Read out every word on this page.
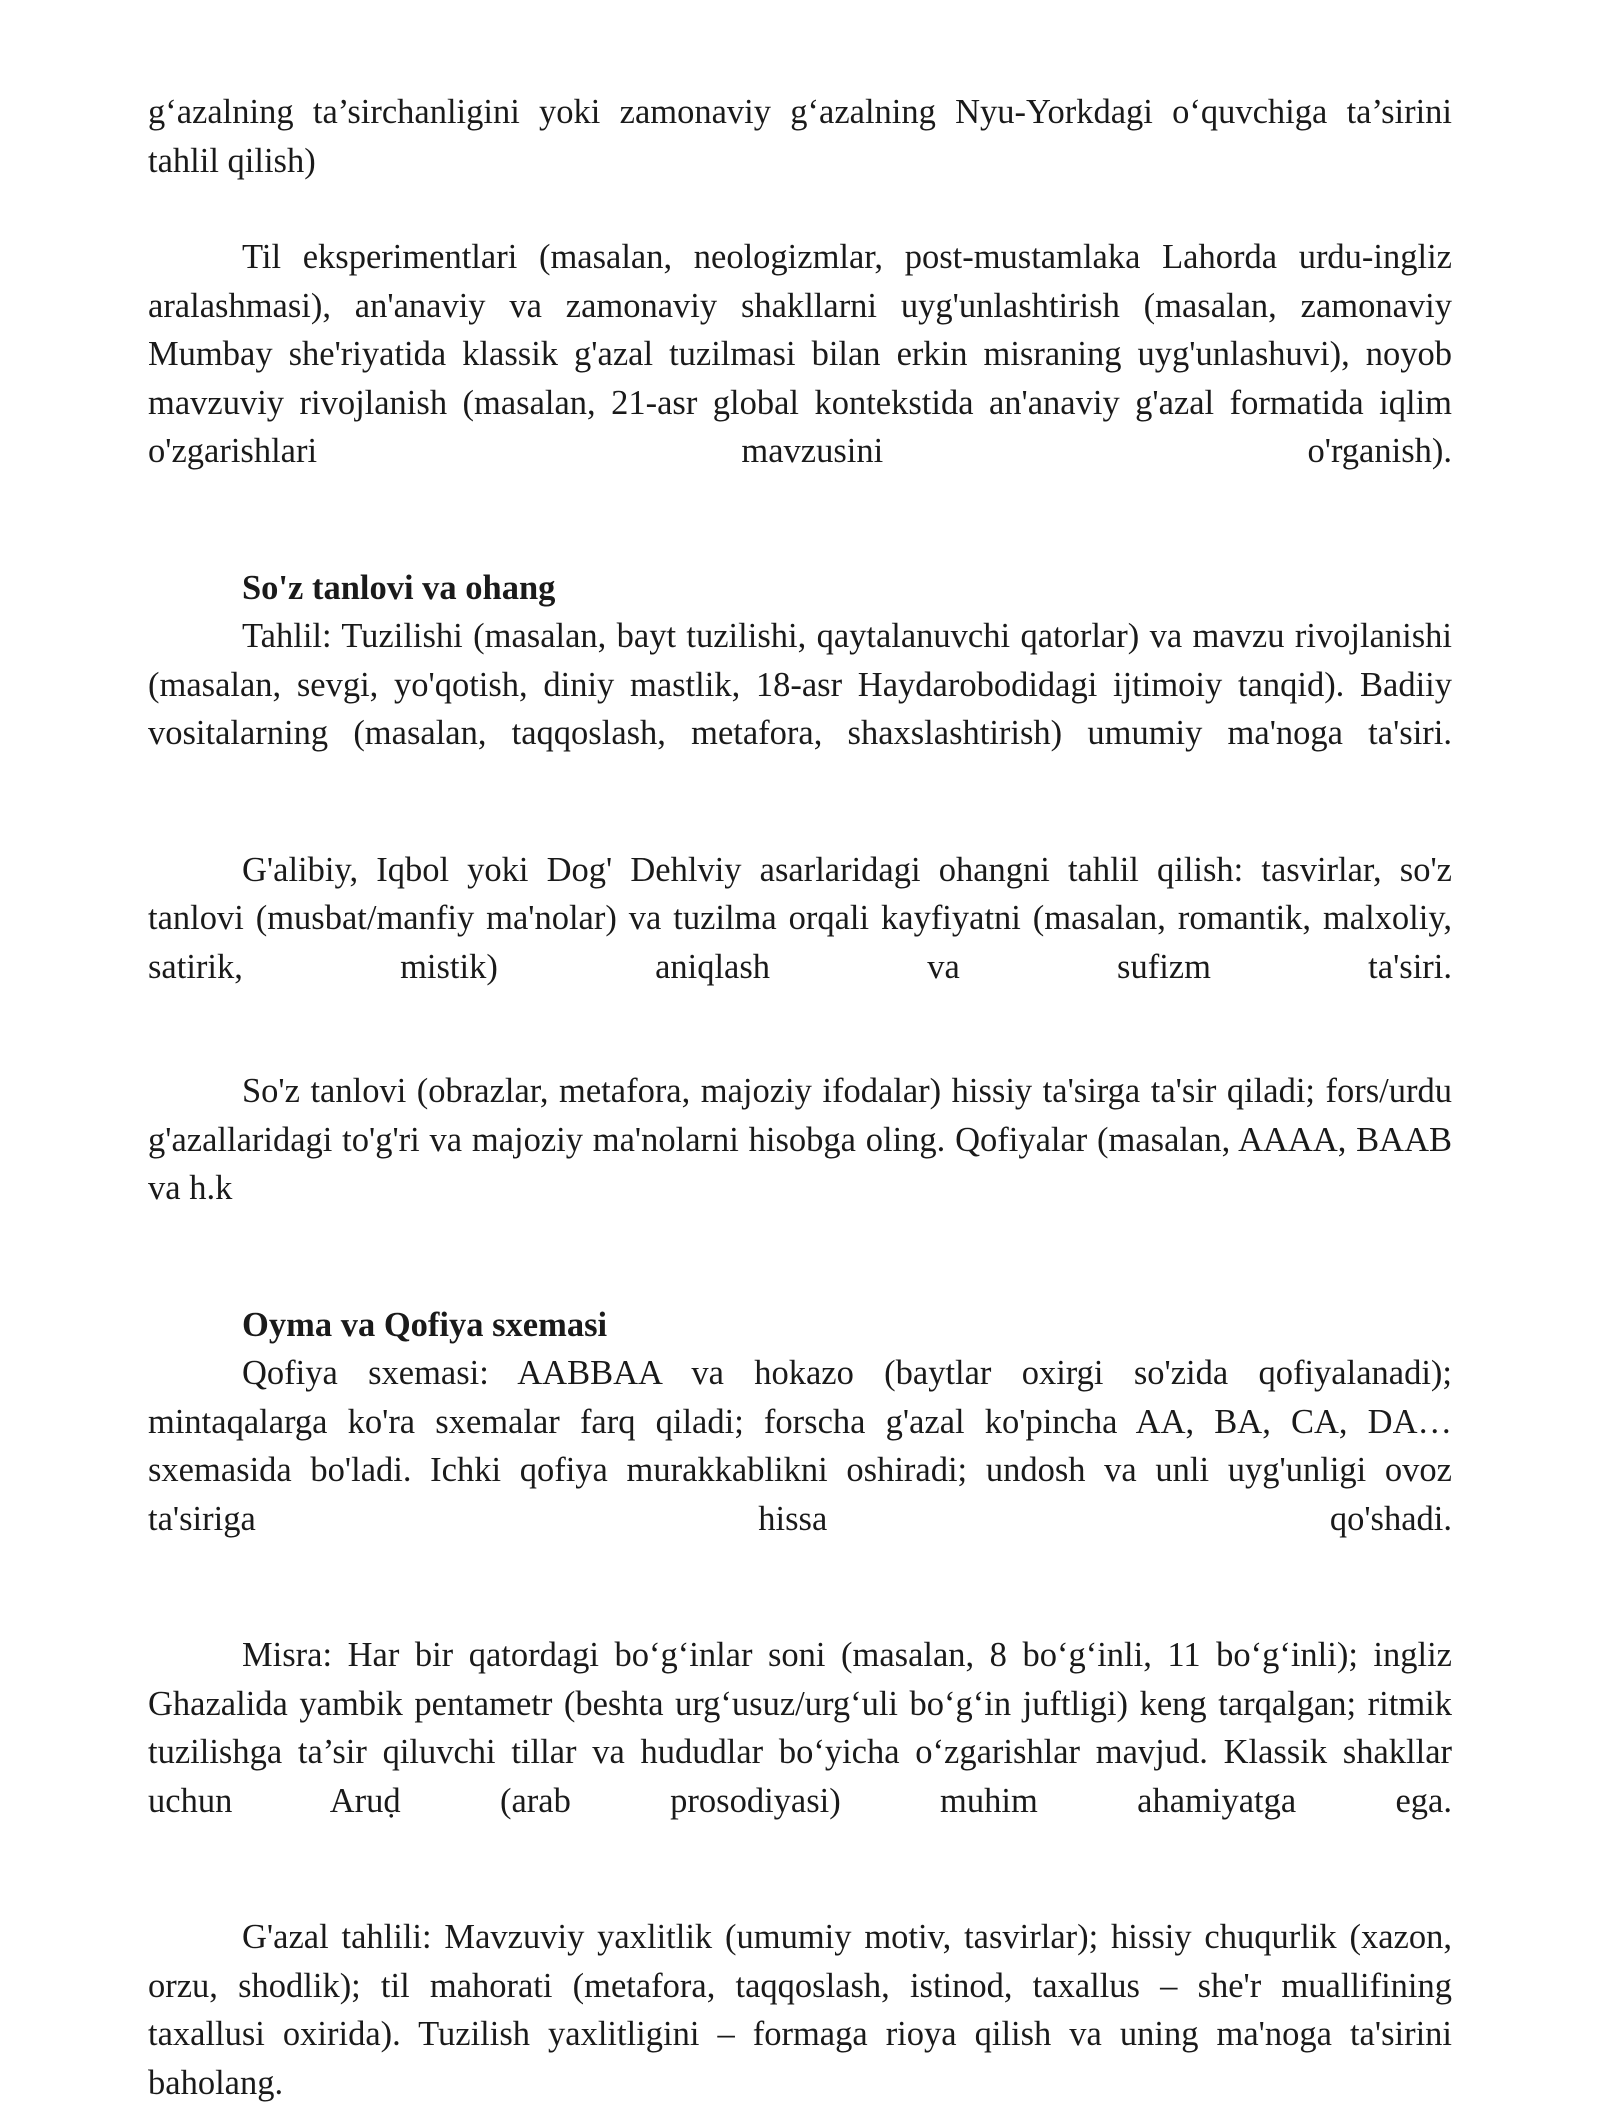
g‘azalning ta’sirchanligini yoki zamonaviy g‘azalning Nyu-Yorkdagi o‘quvchiga ta’sirini tahlil qilish)

Til eksperimentlari (masalan, neologizmlar, post-mustamlaka Lahorda urdu-ingliz aralashmasi), an'anaviy va zamonaviy shakllarni uyg'unlashtirish (masalan, zamonaviy Mumbay she'riyatida klassik g'azal tuzilmasi bilan erkin misraning uyg'unlashuvi), noyob mavzuviy rivojlanish (masalan, 21-asr global kontekstida an'anaviy g'azal formatida iqlim o'zgarishlari mavzusini o'rganish).

So'z tanlovi va ohang

Tahlil: Tuzilishi (masalan, bayt tuzilishi, qaytalanuvchi qatorlar) va mavzu rivojlanishi (masalan, sevgi, yo'qotish, diniy mastlik, 18-asr Haydarobodidagi ijtimoiy tanqid). Badiiy vositalarning (masalan, taqqoslash, metafora, shaxslashtirish) umumiy ma'noga ta'siri.

G'alibiy, Iqbol yoki Dog' Dehlviy asarlaridagi ohangni tahlil qilish: tasvirlar, so'z tanlovi (musbat/manfiy ma'nolar) va tuzilma orqali kayfiyatni (masalan, romantik, malxoliy, satirik, mistik) aniqlash va sufizm ta'siri.

So'z tanlovi (obrazlar, metafora, majoziy ifodalar) hissiy ta'sirga ta'sir qiladi; fors/urdu g'azallaridagi to'g'ri va majoziy ma'nolarni hisobga oling. Qofiyalar (masalan, AAAA, BAAB va h.k

Oyma va Qofiya sxemasi

Qofiya sxemasi: AABBAA va hokazo (baytlar oxirgi so'zida qofiyalanadi); mintaqalarga ko'ra sxemalar farq qiladi; forscha g'azal ko'pincha AA, BA, CA, DA… sxemasida bo'ladi. Ichki qofiya murakkablikni oshiradi; undosh va unli uyg'unligi ovoz ta'siriga hissa qo'shadi.

Misra: Har bir qatordagi bo‘g‘inlar soni (masalan, 8 bo‘g‘inli, 11 bo‘g‘inli); ingliz Ghazalida yambik pentametr (beshta urg‘usuz/urg‘uli bo‘g‘in juftligi) keng tarqalgan; ritmik tuzilishga ta’sir qiluvchi tillar va hududlar bo‘yicha o‘zgarishlar mavjud. Klassik shakllar uchun Aruḍ (arab prosodiyasi) muhim ahamiyatga ega.

G'azal tahlili: Mavzuviy yaxlitlik (umumiy motiv, tasvirlar); hissiy chuqurlik (xazon, orzu, shodlik); til mahorati (metafora, taqqoslash, istinod, taxallus – she'r muallifining taxallusi oxirida). Tuzilish yaxlitligini – formaga rioya qilish va uning ma'noga ta'sirini baholang.
